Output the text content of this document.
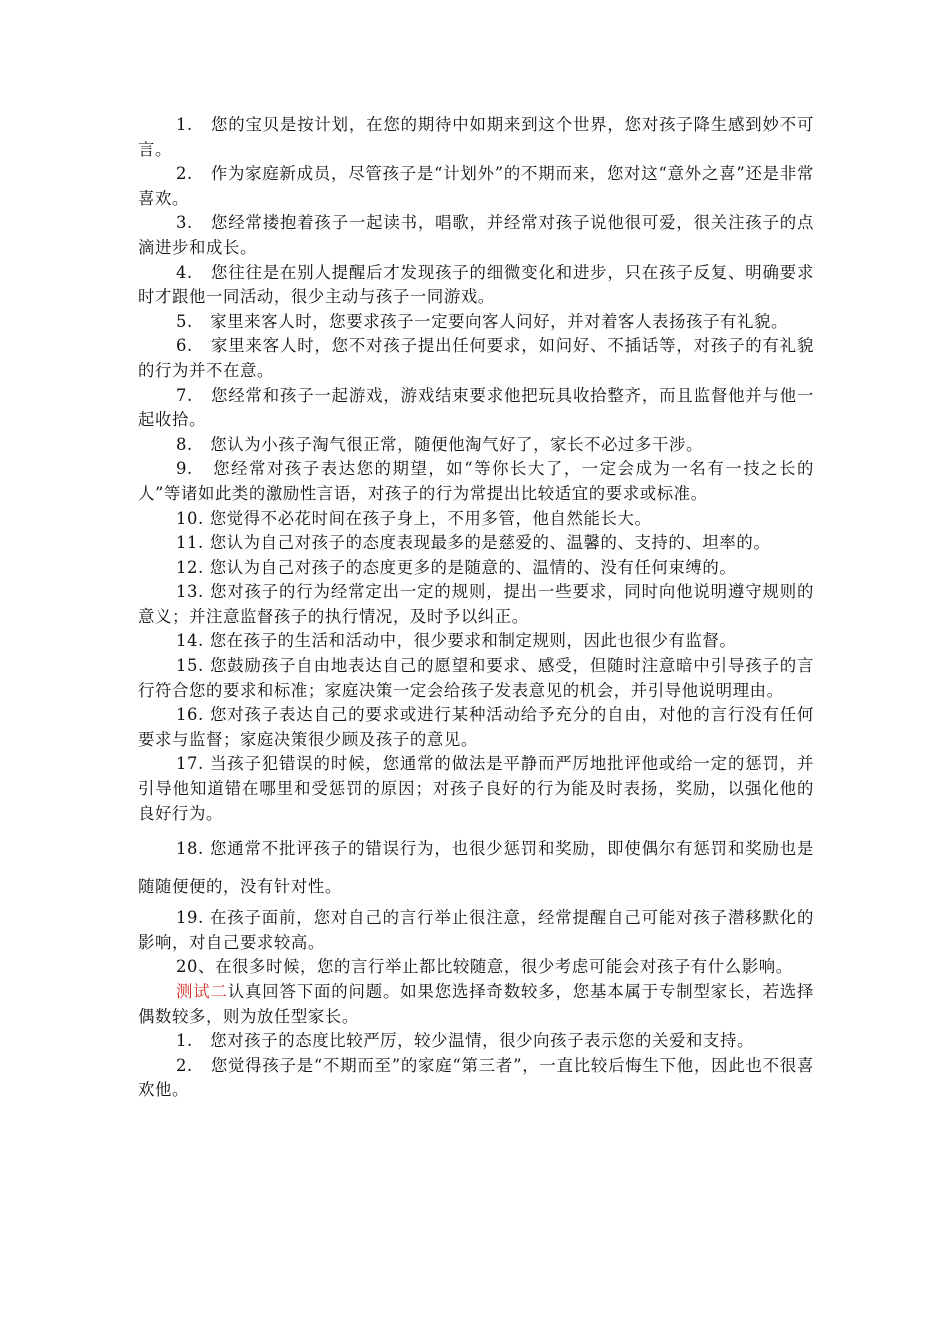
1. 您的宝贝是按计划，在您的期待中如期来到这个世界，您对孩子降生感到妙不可言。

2. 作为家庭新成员，尽管孩子是“计划外”的不期而来，您对这“意外之喜”还是非常喜欢。

3. 您经常搂抱着孩子一起读书，唱歌，并经常对孩子说他很可爱，很关注孩子的点滴进步和成长。

4. 您往往是在别人提醒后才发现孩子的细微变化和进步，只在孩子反复、明确要求时才跟他一同活动，很少主动与孩子一同游戏。

5. 家里来客人时，您要求孩子一定要向客人问好，并对着客人表扬孩子有礼貌。

6. 家里来客人时，您不对孩子提出任何要求，如问好、不插话等，对孩子的有礼貌的行为并不在意。

7. 您经常和孩子一起游戏，游戏结束要求他把玩具收拾整齐，而且监督他并与他一起收拾。

8. 您认为小孩子淘气很正常，随便他淘气好了，家长不必过多干涉。

9. 您经常对孩子表达您的期望，如“等你长大了，一定会成为一名有一技之长的人”等诸如此类的激励性言语，对孩子的行为常提出比较适宜的要求或标准。

10. 您觉得不必花时间在孩子身上，不用多管，他自然能长大。

11. 您认为自己对孩子的态度表现最多的是慈爱的、温馨的、支持的、坦率的。

12. 您认为自己对孩子的态度更多的是随意的、温情的、没有任何束缚的。

13. 您对孩子的行为经常定出一定的规则，提出一些要求，同时向他说明遵守规则的意义；并注意监督孩子的执行情况，及时予以纠正。

14. 您在孩子的生活和活动中，很少要求和制定规则，因此也很少有监督。

15. 您鼓励孩子自由地表达自己的愿望和要求、感受，但随时注意暗中引导孩子的言行符合您的要求和标准；家庭决策一定会给孩子发表意见的机会，并引导他说明理由。

16. 您对孩子表达自己的要求或进行某种活动给予充分的自由，对他的言行没有任何要求与监督；家庭决策很少顾及孩子的意见。

17. 当孩子犯错误的时候，您通常的做法是平静而严厉地批评他或给一定的惩罚，并引导他知道错在哪里和受惩罚的原因；对孩子良好的行为能及时表扬，奖励，以强化他的良好行为。

18. 您通常不批评孩子的错误行为，也很少惩罚和奖励，即使偶尔有惩罚和奖励也是随随便便的，没有针对性。

19. 在孩子面前，您对自己的言行举止很注意，经常提醒自己可能对孩子潜移默化的影响，对自己要求较高。

20、在很多时候，您的言行举止都比较随意，很少考虑可能会对孩子有什么影响。

测试二认真回答下面的问题。如果您选择奇数较多，您基本属于专制型家长，若选择偶数较多，则为放任型家长。

1. 您对孩子的态度比较严厉，较少温情，很少向孩子表示您的关爱和支持。

2. 您觉得孩子是“不期而至”的家庭“第三者”，一直比较后悔生下他，因此也不很喜欢他。
